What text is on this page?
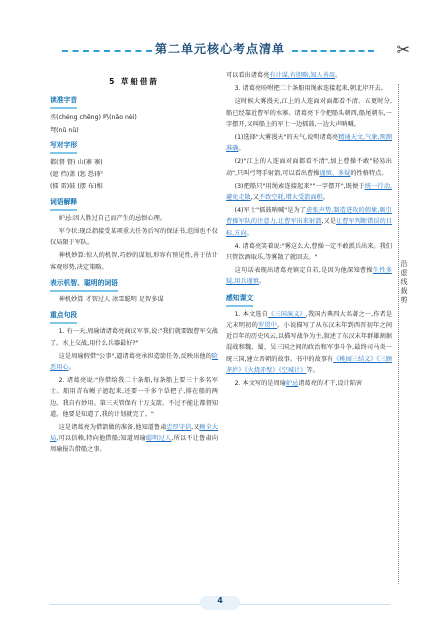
第二单元核心考点清单	✂
5 草船借箭
读准字音
丞(chéng chěng) 鸣(nǎo nèi)
弩(nǔ nǔ)
写对字形
都(督 督) 山(寨 寨)
(遮 挡)盖 (惩 恐)驴
(擂 雷)鼓 (摆 布)相
词语解释

妒忌:因人胜过自己而产生的忌恨心理。

军令状:现泛指接受某项重大任务后写的保证书,范围也不仅仅局限于军队。

神机妙算:惊人的机智,巧妙的谋划,形容有预见性,善于估计客观形势,决定策略。

表示机智、聪明的词语

神机妙算 才智过人 冰雪聪明 足智多谋

重点句段

1. 有一天,周瑜请诸葛亮商议军事,说:"我们就要跟曹军交战了。水上交战,用什么兵器最好?"

这是周瑜假借"公事",逼诸葛亮承担造箭任务,反映出他的险恶用心。

2. 诸葛亮说:"你借给我二十条船,每条船上要三十多名军士。船用青布幔子遮起来,还要一千多个草把子,排在船的两边。我自有妙用。第三天管保有十万支箭。不过不能让都督知道。他要是知道了,我的计划就完了。"

这是诸葛亮为借箭做的准备,他知道鲁肃忠厚守信,又顾全大局,可以信赖,特向他借船;知道周瑜聪明过人,所以不让鲁肃向周瑜报告借船之事。

可以看出诸葛亮有计谋,有胆略,知人善用。

3. 诸葛亮吩咐把二十条船用绳索连接起来,朝北岸开去。

这时候大雾漫天,江上的人连面对面都看不清。五更时分,船已经靠近曹军的水寨。诸葛亮下令把船头朝西,船尾朝东,一字摆开,又叫船上的军士一边擂鼓,一边大声呐喊。

(1)选择"大雾漫天"的天气,说明诸葛亮精通天文,气象,预测准确。

(2)"江上的人连面对面都看不清",加上曹操不敢"轻易出动",只叫弓弩手射箭,可以看出曹操谨慎、多疑的性格特点。

(3)把船只"用绳索连接起来""一字摆开",既便于统一行动,避免走散,又不致空耗,增大受箭面积。

(4)军士"擂鼓呐喊"是为了虚张声势,制造进攻的假象,吸引曹操军队的注意力,让曹军出来射箭,又是让曹军判断错误的目标,方向。

4. 诸葛亮笑着说:"雾这么大,曹操一定不敢派兵出来。我们只管饮酒取乐,等雾散了就回去。"

这句话表现出诸葛亮镇定自若,是因为他深知曹操生性多疑,用兵谨慎。

感知课文

1. 本文选自《三国演义》,我国古典四大名著之一,作者是元末明初的罗贯中。小说描写了从东汉末年到西晋初年之间近百年的历史风云,以描写战争为主,叙述了东汉末年群雄割据混战和魏、蜀、吴三国之间的政治和军事斗争,最终司马炎一统三国,建立晋朝的故事。书中的故事有《桃园三结义》《三顾茅庐》《火烧赤壁》《空城计》等。

2. 本文写的是周瑜妒忌诸葛亮的才干,设计陷害

沿虚线裁剪
4
